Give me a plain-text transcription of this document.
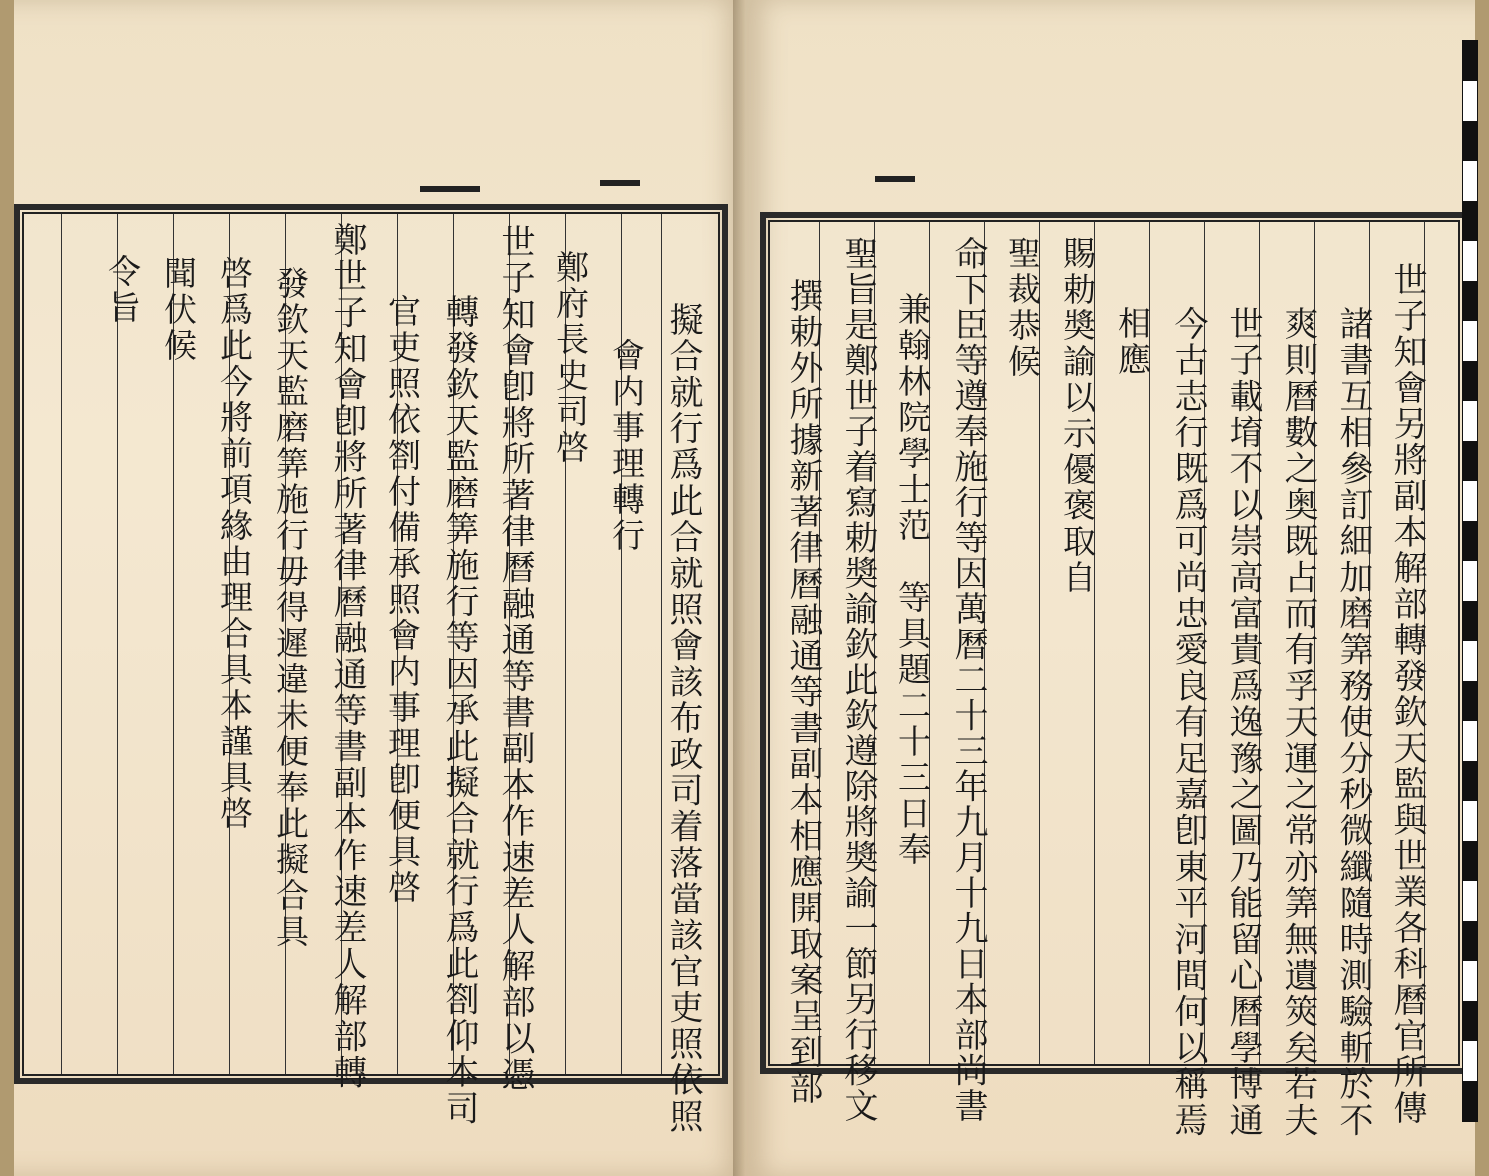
擬合就行爲此合就照會該布政司着落當該官吏照依照
會内事理轉行
鄭府長史司啓
世子知會卽將所著律曆融通等書副本作速差人解部以憑
轉發欽天監磨筭施行等因承此擬合就行爲此劄仰本司
官吏照依劄付備承照會内事理卽便具啓
鄭世子知會卽將所著律曆融通等書副本作速差人解部轉
發欽天監磨筭施行毋得遲違未便奉此擬合具
啓爲此今將前項緣由理合具本謹具啓
聞伏候
令旨	世子知會另將副本解部轉發欽天監與世業各科曆官所傳
諸書互相參訂細加磨筭務使分秒微纖隨時測驗斬於不
爽則曆數之奥既占而有孚天運之常亦筭無遺筴矣若夫
世子載堉不以崇高富貴爲逸豫之圖乃能留心曆學博通
今古志行既爲可尚忠愛良有足嘉卽東平河間何以稱焉
相應
賜勅奬諭以示優褒取自
聖裁恭候
命下臣等遵奉施行等因萬曆二十三年九月十九日本部尚書
兼翰林院學士范　等具題二十三日奉
聖旨是鄭世子着寫勅奬諭欽此欽遵除將奬諭一節另行移文
撰勅外所據新著律曆融通等書副本相應開取案呈到部
